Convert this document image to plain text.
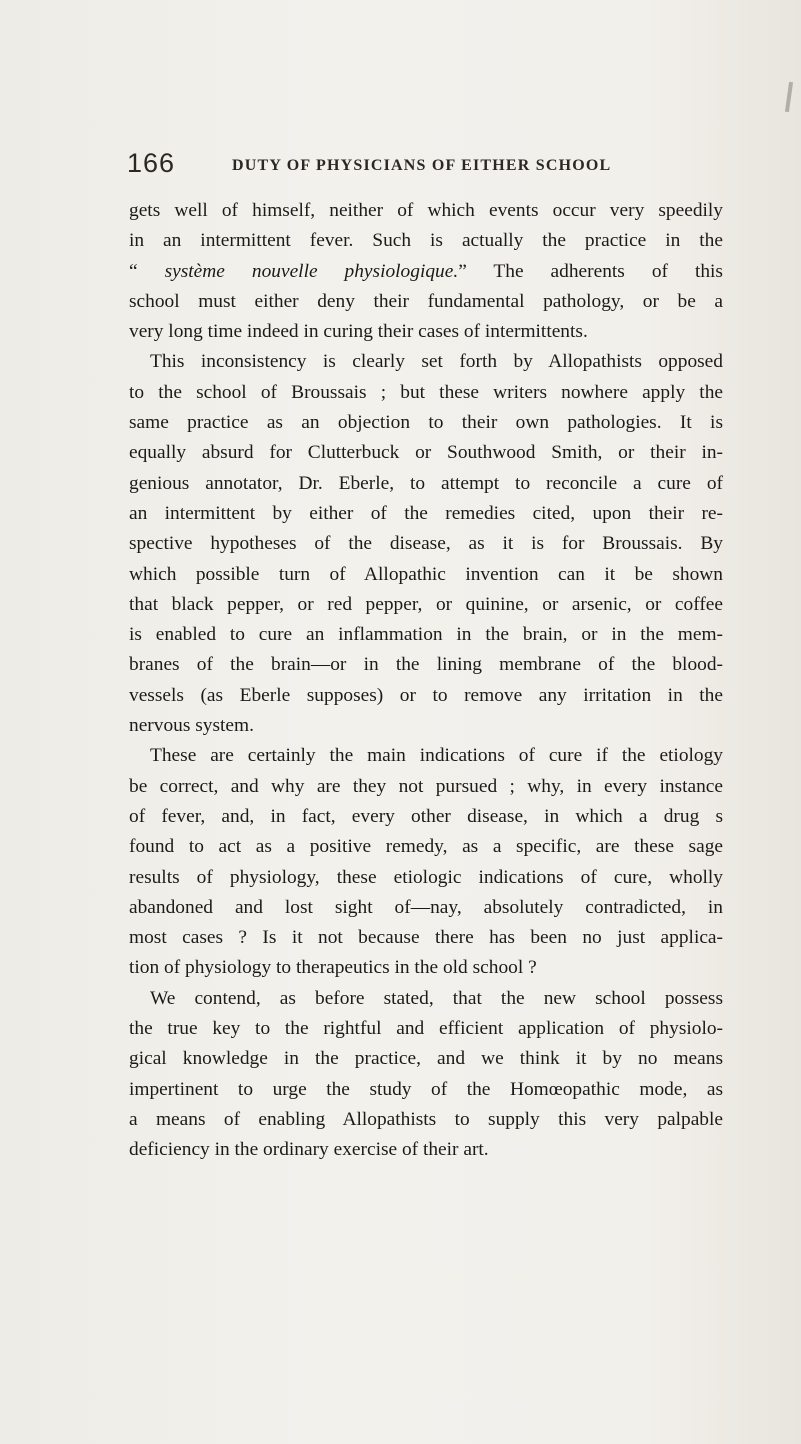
166	DUTY OF PHYSICIANS OF EITHER SCHOOL
gets well of himself, neither of which events occur very speedily
in an intermittent fever. Such is actually the practice in the
“ système nouvelle physiologique.” The adherents of this
school must either deny their fundamental pathology, or be a
very long time indeed in curing their cases of intermittents.
This inconsistency is clearly set forth by Allopathists opposed
to the school of Broussais ; but these writers nowhere apply the
same practice as an objection to their own pathologies. It is
equally absurd for Clutterbuck or Southwood Smith, or their in-
genious annotator, Dr. Eberle, to attempt to reconcile a cure of
an intermittent by either of the remedies cited, upon their re-
spective hypotheses of the disease, as it is for Broussais. By
which possible turn of Allopathic invention can it be shown
that black pepper, or red pepper, or quinine, or arsenic, or coffee
is enabled to cure an inflammation in the brain, or in the mem-
branes of the brain—or in the lining membrane of the blood-
vessels (as Eberle supposes) or to remove any irritation in the
nervous system.
These are certainly the main indications of cure if the etiology
be correct, and why are they not pursued ; why, in every instance
of fever, and, in fact, every other disease, in which a drug s
found to act as a positive remedy, as a specific, are these sage
results of physiology, these etiologic indications of cure, wholly
abandoned and lost sight of—nay, absolutely contradicted, in
most cases ? Is it not because there has been no just applica-
tion of physiology to therapeutics in the old school ?
We contend, as before stated, that the new school possess
the true key to the rightful and efficient application of physiolo-
gical knowledge in the practice, and we think it by no means
impertinent to urge the study of the Homœopathic mode, as
a means of enabling Allopathists to supply this very palpable
deficiency in the ordinary exercise of their art.
